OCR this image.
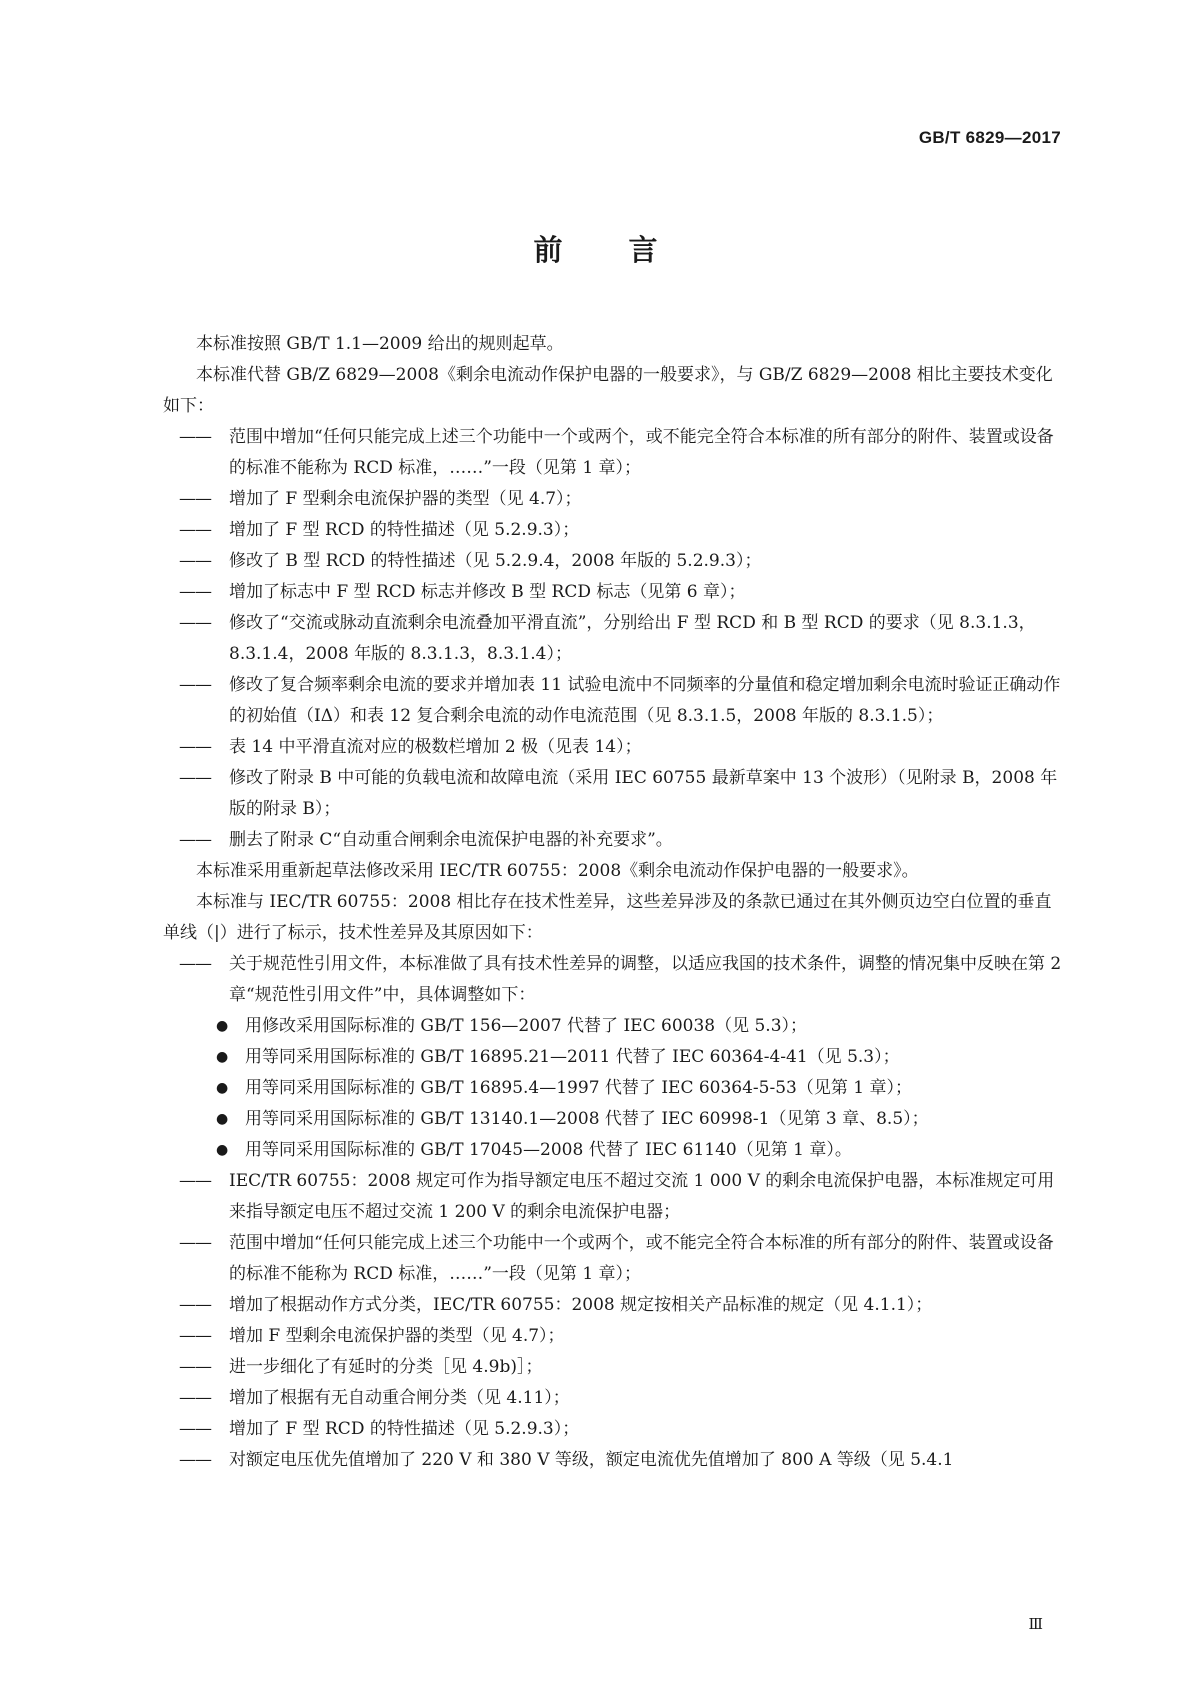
GB/T 6829—2017
前 言

本标准按照 GB/T 1.1—2009 给出的规则起草。

本标准代替 GB/Z 6829—2008《剩余电流动作保护电器的一般要求》，与 GB/Z 6829—2008 相比主要技术变化如下：

—— 范围中增加“任何只能完成上述三个功能中一个或两个，或不能完全符合本标准的所有部分的附件、装置或设备的标准不能称为 RCD 标准，……”一段（见第 1 章）；

—— 增加了 F 型剩余电流保护器的类型（见 4.7）；

—— 增加了 F 型 RCD 的特性描述（见 5.2.9.3）；

—— 修改了 B 型 RCD 的特性描述（见 5.2.9.4，2008 年版的 5.2.9.3）；

—— 增加了标志中 F 型 RCD 标志并修改 B 型 RCD 标志（见第 6 章）；

—— 修改了“交流或脉动直流剩余电流叠加平滑直流”，分别给出 F 型 RCD 和 B 型 RCD 的要求（见 8.3.1.3，8.3.1.4，2008 年版的 8.3.1.3，8.3.1.4）；

—— 修改了复合频率剩余电流的要求并增加表 11 试验电流中不同频率的分量值和稳定增加剩余电流时验证正确动作的初始值（IΔ）和表 12 复合剩余电流的动作电流范围（见 8.3.1.5，2008 年版的 8.3.1.5）；

—— 表 14 中平滑直流对应的极数栏增加 2 极（见表 14）；

—— 修改了附录 B 中可能的负载电流和故障电流（采用 IEC 60755 最新草案中 13 个波形）（见附录 B，2008 年版的附录 B）；

—— 删去了附录 C“自动重合闸剩余电流保护电器的补充要求”。

本标准采用重新起草法修改采用 IEC/TR 60755：2008《剩余电流动作保护电器的一般要求》。

本标准与 IEC/TR 60755：2008 相比存在技术性差异，这些差异涉及的条款已通过在其外侧页边空白位置的垂直单线（|）进行了标示，技术性差异及其原因如下：

—— 关于规范性引用文件，本标准做了具有技术性差异的调整，以适应我国的技术条件，调整的情况集中反映在第 2 章“规范性引用文件”中，具体调整如下：

● 用修改采用国际标准的 GB/T 156—2007 代替了 IEC 60038（见 5.3）；

● 用等同采用国际标准的 GB/T 16895.21—2011 代替了 IEC 60364-4-41（见 5.3）；

● 用等同采用国际标准的 GB/T 16895.4—1997 代替了 IEC 60364-5-53（见第 1 章）；

● 用等同采用国际标准的 GB/T 13140.1—2008 代替了 IEC 60998-1（见第 3 章、8.5）；

● 用等同采用国际标准的 GB/T 17045—2008 代替了 IEC 61140（见第 1 章）。

—— IEC/TR 60755：2008 规定可作为指导额定电压不超过交流 1 000 V 的剩余电流保护电器，本标准规定可用来指导额定电压不超过交流 1 200 V 的剩余电流保护电器；

—— 范围中增加“任何只能完成上述三个功能中一个或两个，或不能完全符合本标准的所有部分的附件、装置或设备的标准不能称为 RCD 标准，……”一段（见第 1 章）；

—— 增加了根据动作方式分类，IEC/TR 60755：2008 规定按相关产品标准的规定（见 4.1.1）；

—— 增加 F 型剩余电流保护器的类型（见 4.7）；

—— 进一步细化了有延时的分类［见 4.9b)］；

—— 增加了根据有无自动重合闸分类（见 4.11）；

—— 增加了 F 型 RCD 的特性描述（见 5.2.9.3）；

—— 对额定电压优先值增加了 220 V 和 380 V 等级，额定电流优先值增加了 800 A 等级（见 5.4.1

Ⅲ
